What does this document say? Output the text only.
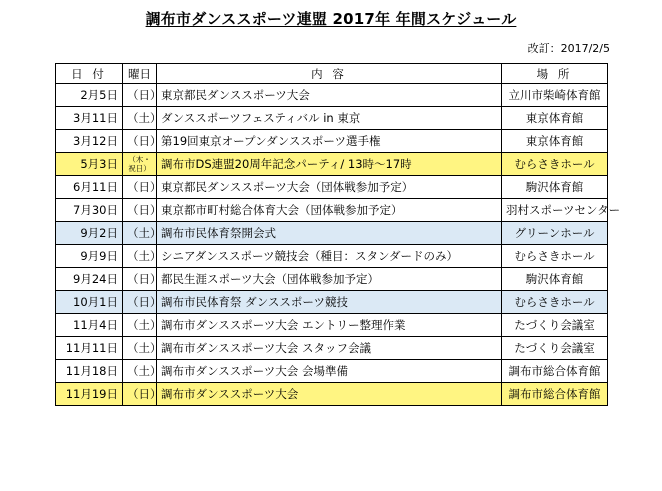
調布市ダンススポーツ連盟 2017年 年間スケジュール
改訂：2017/2/5
日 付	曜日	内 容	場 所
2月5日	（日）	東京都民ダンススポーツ大会	立川市柴崎体育館
3月11日	（土）	ダンススポーツフェスティバル in 東京	東京体育館
3月12日	（日）	第19回東京オープンダンススポーツ選手権	東京体育館
5月3日	（木・祝日）	調布市DS連盟20周年記念パーティ/ 13時～17時	むらさきホール
6月11日	（日）	東京都民ダンススポーツ大会（団体戦参加予定）	駒沢体育館
7月30日	（日）	東京都市町村総合体育大会（団体戦参加予定）	羽村スポーツセンター
9月2日	（土）	調布市民体育祭開会式	グリーンホール
9月9日	（土）	シニアダンススポーツ競技会（種目：スタンダードのみ）	むらさきホール
9月24日	（日）	都民生涯スポーツ大会（団体戦参加予定）	駒沢体育館
10月1日	（日）	調布市民体育祭 ダンススポーツ競技	むらさきホール
11月4日	（土）	調布市ダンススポーツ大会 エントリー整理作業	たづくり会議室
11月11日	（土）	調布市ダンススポーツ大会 スタッフ会議	たづくり会議室
11月18日	（土）	調布市ダンススポーツ大会 会場準備	調布市総合体育館
11月19日	（日）	調布市ダンススポーツ大会	調布市総合体育館
